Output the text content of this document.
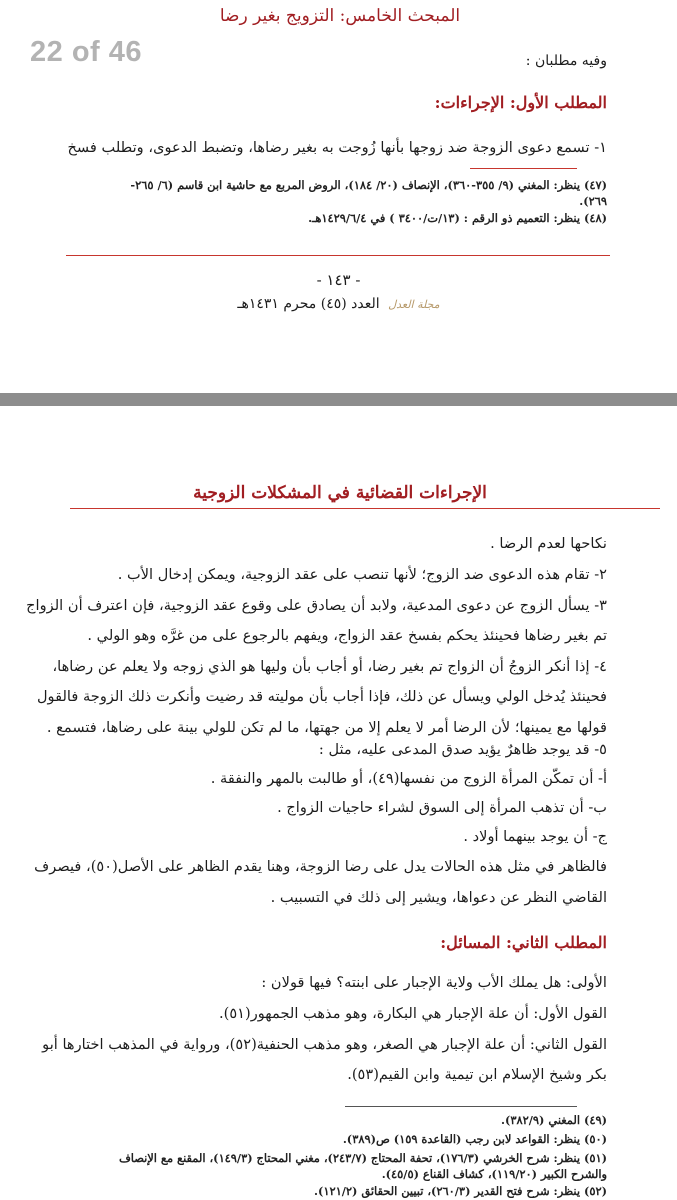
22 of 46
المبحث الخامس: التزويج بغير رضا
وفيه مطلبان :
المطلب الأول: الإجراءات:
١- تسمع دعوى الزوجة ضد زوجها بأنها زُوجت به بغير رضاها، وتضبط الدعوى، وتطلب فسخ
(٤٧) ينظر: المغني (٩/ ٣٥٥-٣٦٠)، الإنصاف (٢٠/ ١٨٤)، الروض المربع مع حاشية ابن قاسم (٦/ ٢٦٥-
٢٦٩).
(٤٨) ينظر: التعميم ذو الرقم : (١٣/ت/٣٤٠٠ ) في ١٤٢٩/٦/٤هـ.
- ١٤٣ -
مجلة العدل العدد (٤٥) محرم ١٤٣١هـ
الإجراءات القضائية في المشكلات الزوجية
نكاحها لعدم الرضا .
٢- تقام هذه الدعوى ضد الزوج؛ لأنها تنصب على عقد الزوجية، ويمكن إدخال الأب .
٣- يسأل الزوج عن دعوى المدعية، ولابد أن يصادق على وقوع عقد الزوجية، فإن اعترف أن الزواج
تم بغير رضاها فحينئذ يحكم بفسخ عقد الزواج، ويفهم بالرجوع على من غرَّه وهو الولي .
٤- إذا أنكر الزوجُ أن الزواج تم بغير رضا، أو أجاب بأن وليها هو الذي زوجه ولا يعلم عن رضاها،
فحينئذ يُدخل الولي ويسأل عن ذلك، فإذا أجاب بأن موليته قد رضيت وأنكرت ذلك الزوجة فالقول
قولها مع يمينها؛ لأن الرضا أمر لا يعلم إلا من جهتها، ما لم تكن للولي بينة على رضاها، فتسمع .
٥- قد يوجد ظاهرٌ يؤيد صدق المدعى عليه، مثل :
أ- أن تمكّن المرأة الزوج من نفسها(٤٩)، أو طالبت بالمهر والنفقة .
ب- أن تذهب المرأة إلى السوق لشراء حاجيات الزواج .
ج- أن يوجد بينهما أولاد .
فالظاهر في مثل هذه الحالات يدل على رضا الزوجة، وهنا يقدم الظاهر على الأصل(٥٠)، فيصرف
القاضي النظر عن دعواها، ويشير إلى ذلك في التسبيب .
المطلب الثاني: المسائل:
الأولى: هل يملك الأب ولاية الإجبار على ابنته؟ فيها قولان :
القول الأول: أن علة الإجبار هي البكارة، وهو مذهب الجمهور(٥١).
القول الثاني: أن علة الإجبار هي الصغر، وهو مذهب الحنفية(٥٢)، ورواية في المذهب اختارها أبو
بكر وشيخ الإسلام ابن تيمية وابن القيم(٥٣).
(٤٩) المغني (٣٨٢/٩).
(٥٠) ينظر: القواعد لابن رجب (القاعدة ١٥٩) ص(٣٨٩).
(٥١) ينظر: شرح الخرشي (١٧٦/٣)، تحفة المحتاج (٢٤٣/٧)، مغني المحتاج (١٤٩/٣)، المقنع مع الإنصاف
والشرح الكبير (١١٩/٢٠)، كشاف القناع (٤٥/٥).
(٥٢) ينظر: شرح فتح القدير (٢٦٠/٣)، تبيين الحقائق (١٢١/٢).
